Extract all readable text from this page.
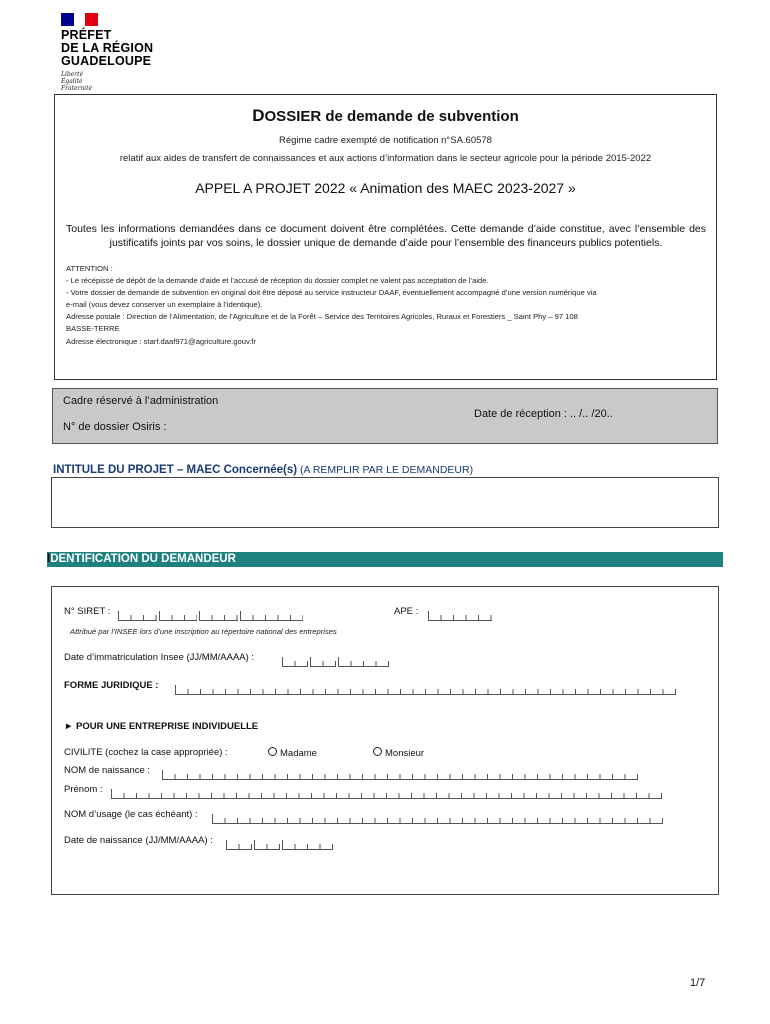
PRÉFET
DE LA RÉGION
GUADELOUPE
Liberté
Égalité
Fraternité
DOSSIER de demande de subvention
Régime cadre exempté de notification n°SA.60578
relatif aux aides de transfert de connaissances et aux actions d’information dans le secteur agricole pour la période 2015-2022
APPEL A PROJET 2022 « Animation des MAEC 2023-2027 »
Toutes les informations demandées dans ce document doivent être complétées. Cette demande d’aide constitue, avec l’ensemble des justificatifs joints par vos soins, le dossier unique de demande d’aide pour l’ensemble des financeurs publics potentiels.
ATTENTION :
- Le récépissé de dépôt de la demande d’aide et l’accusé de réception du dossier complet ne valent pas acceptation de l’aide.
- Votre dossier de demande de subvention en original doit être déposé au service instructeur DAAF, éventuellement accompagné d’une version numérique via
e-mail (vous devez conserver un exemplaire à l’identique).
Adresse postale : Direction de l’Alimentation, de l’Agriculture et de la Forêt – Service des Territoires Agricoles, Ruraux et Forestiers _ Saint Phy – 97 108
BASSE-TERRE
Adresse électronique : starf.daaf971@agriculture.gouv.fr
Cadre réservé à l’administration
Date de réception : .. /.. /20..
N° de dossier Osiris :
INTITULE DU PROJET – MAEC Concernée(s) (A REMPLIR PAR LE DEMANDEUR)
IDENTIFICATION DU DEMANDEUR
N° SIRET :	APE :
Attribué par l’INSEE lors d’une inscription au répertoire national des entreprises
Date d’immatriculation Insee (JJ/MM/AAAA) :
FORME JURIDIQUE :
► POUR UNE ENTREPRISE INDIVIDUELLE
CIVILITE (cochez la case appropriée) :	Madame	Monsieur
NOM de naissance :
Prénom :
NOM d’usage (le cas échéant) :
Date de naissance (JJ/MM/AAAA) :
1/7
